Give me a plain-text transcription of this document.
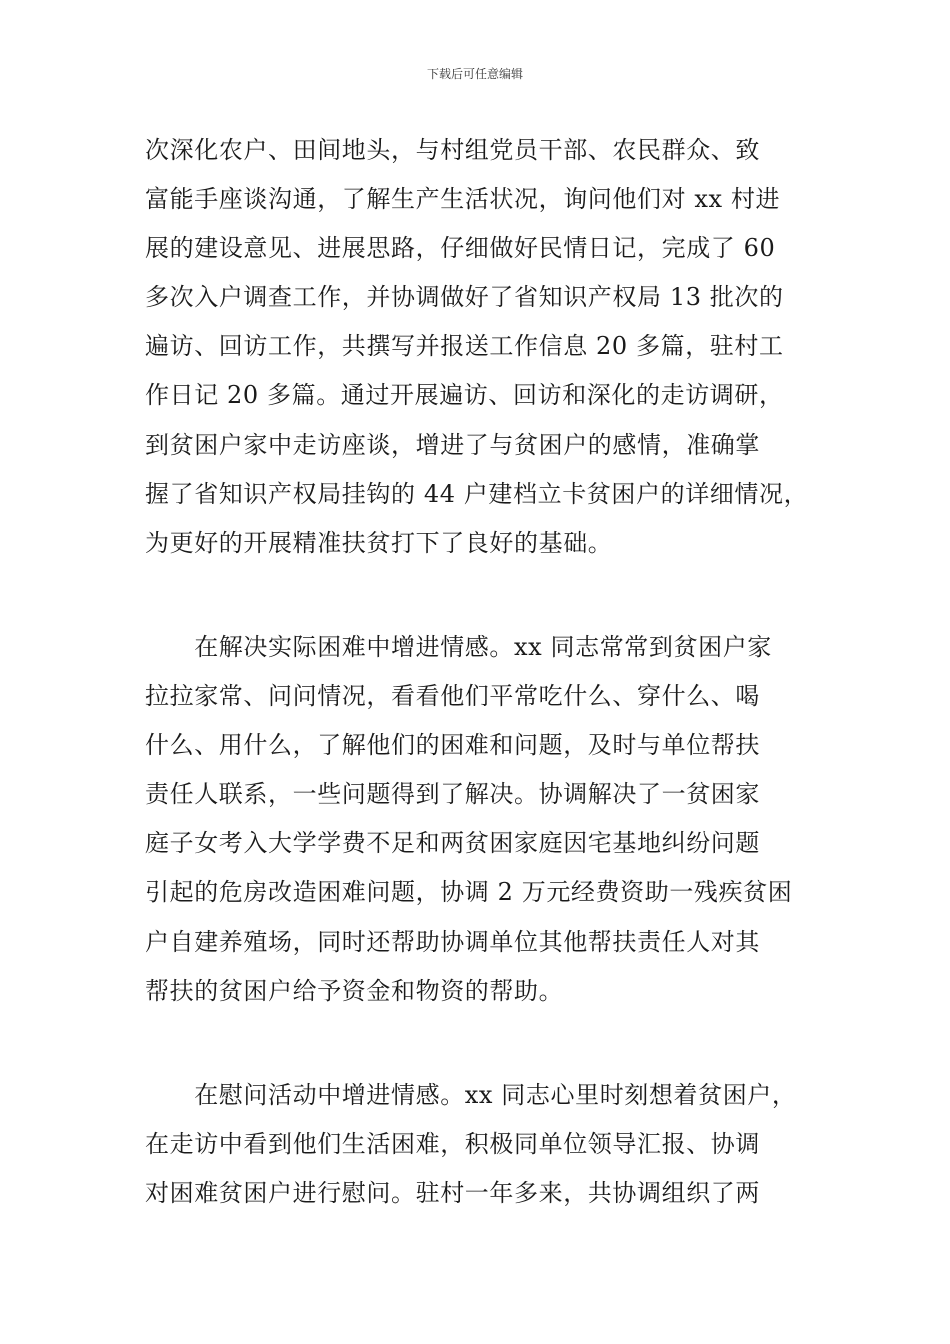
下载后可任意编辑
次深化农户、田间地头，与村组党员干部、农民群众、致
富能手座谈沟通，了解生产生活状况，询问他们对 xx 村进
展的建设意见、进展思路，仔细做好民情日记，完成了 60
多次入户调查工作，并协调做好了省知识产权局 13 批次的
遍访、回访工作，共撰写并报送工作信息 20 多篇，驻村工
作日记 20 多篇。通过开展遍访、回访和深化的走访调研，
到贫困户家中走访座谈，增进了与贫困户的感情，准确掌
握了省知识产权局挂钩的 44 户建档立卡贫困户的详细情况，
为更好的开展精准扶贫打下了良好的基础。
　　在解决实际困难中增进情感。xx 同志常常到贫困户家
拉拉家常、问问情况，看看他们平常吃什么、穿什么、喝
什么、用什么，了解他们的困难和问题，及时与单位帮扶
责任人联系，一些问题得到了解决。协调解决了一贫困家
庭子女考入大学学费不足和两贫困家庭因宅基地纠纷问题
引起的危房改造困难问题，协调 2 万元经费资助一残疾贫困
户自建养殖场，同时还帮助协调单位其他帮扶责任人对其
帮扶的贫困户给予资金和物资的帮助。
　　在慰问活动中增进情感。xx 同志心里时刻想着贫困户，
在走访中看到他们生活困难，积极同单位领导汇报、协调
对困难贫困户进行慰问。驻村一年多来，共协调组织了两
